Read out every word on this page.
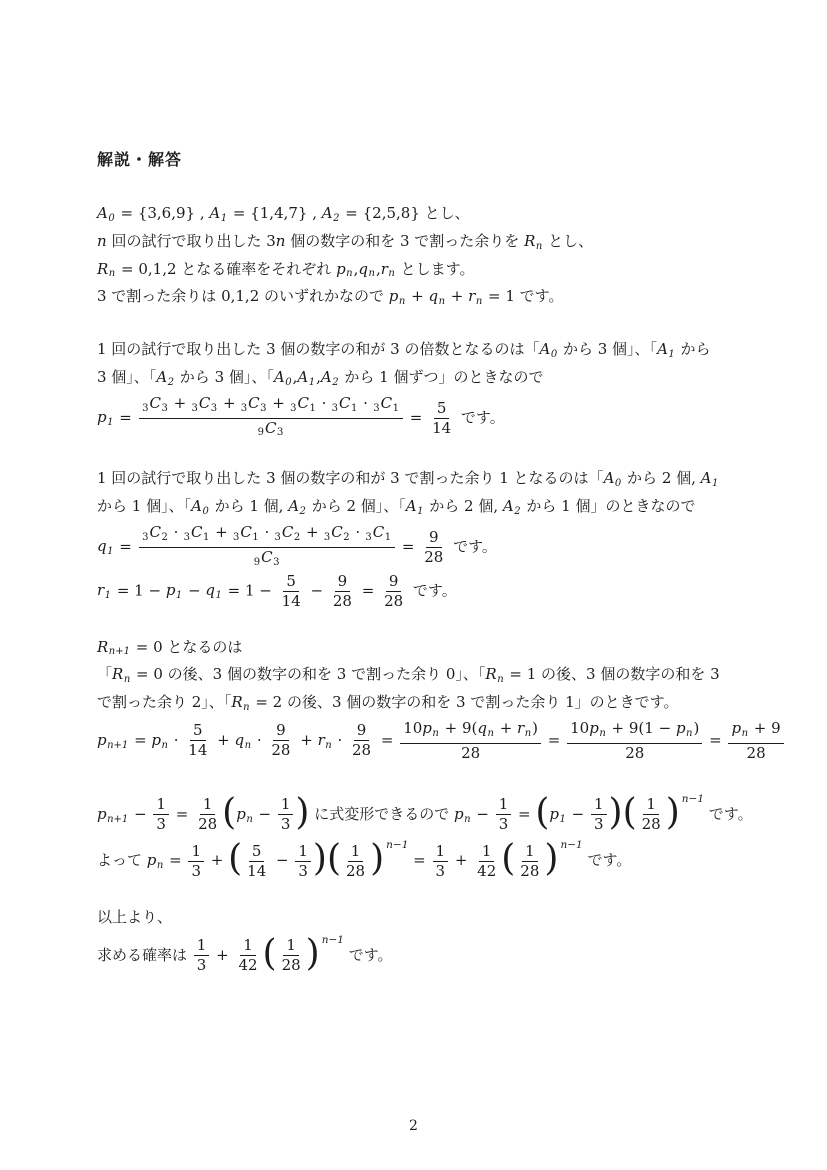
解説・解答
A0 = {3,6,9} , A1 = {1,4,7} , A2 = {2,5,8} とし、
n 回の試行で取り出した 3n 個の数字の和を 3 で割った余りを Rn とし、
Rn = 0,1,2 となる確率をそれぞれ pn,qn,rn とします。
3 で割った余りは 0,1,2 のいずれかなので pn + qn + rn = 1 です。
1 回の試行で取り出した 3 個の数字の和が 3 の倍数となるのは「A0 から 3 個」、「A1 から
3 個」、「A2 から 3 個」、「A0,A1,A2 から 1 個ずつ」のときなので
$p1 = \frac{3C3 + 3C3 + 3C3 + 3C1 \cdot 3C1 \cdot 3C1}{9C3} = \frac{5}{14}$ です。
1 回の試行で取り出した 3 個の数字の和が 3 で割った余り 1 となるのは「A0 から 2 個, A1
から 1 個」、「A0 から 1 個, A2 から 2 個」、「A1 から 2 個, A2 から 1 個」のときなので
$q1 = \frac{3C2 \cdot 3C1 + 3C1 \cdot 3C2 + 3C2 \cdot 3C1}{9C3} = \frac{9}{28}$ です。
$r1 = 1 - p1 - q1 = 1 - \frac{5}{14} - \frac{9}{28} = \frac{9}{28}$ です。
Rn+1 = 0 となるのは
「Rn = 0 の後、3 個の数字の和を 3 で割った余り 0」、「Rn = 1 の後、3 個の数字の和を 3
で割った余り 2」、「Rn = 2 の後、3 個の数字の和を 3 で割った余り 1」のときです。
pn+1 = pn · $\frac{5}{14}$ + qn · $\frac{9}{28}$ + rn · $\frac{9}{28} = \frac{10pn + 9(qn + rn)}{28} = \frac{10pn + 9(1 - pn)}{28} = \frac{pn + 9}{28}$
$pn+1 - \frac{1}{3} = \frac{1}{28} (pn - \frac{1}{3}$ ) に式変形できるので pn − $\frac{1}{3} = (p1 - \frac{1}{3}$ )( $\frac{1}{28}$ ) $^{n-1}$ です。
よって pn = $\frac{1}{3}$ + ( $\frac{5}{14} - \frac{1}{3}$ )( $\frac{1}{28}$ ) $^{n-1} = \frac{1}{3} + \frac{1}{42}$ ( $\frac{1}{28}$ ) $^{n-1}$ です。
以上より、
求める確率は $\frac{1}{3} + \frac{1}{42}$ ( $\frac{1}{28}$ ) $^{n-1}$ です。
2
